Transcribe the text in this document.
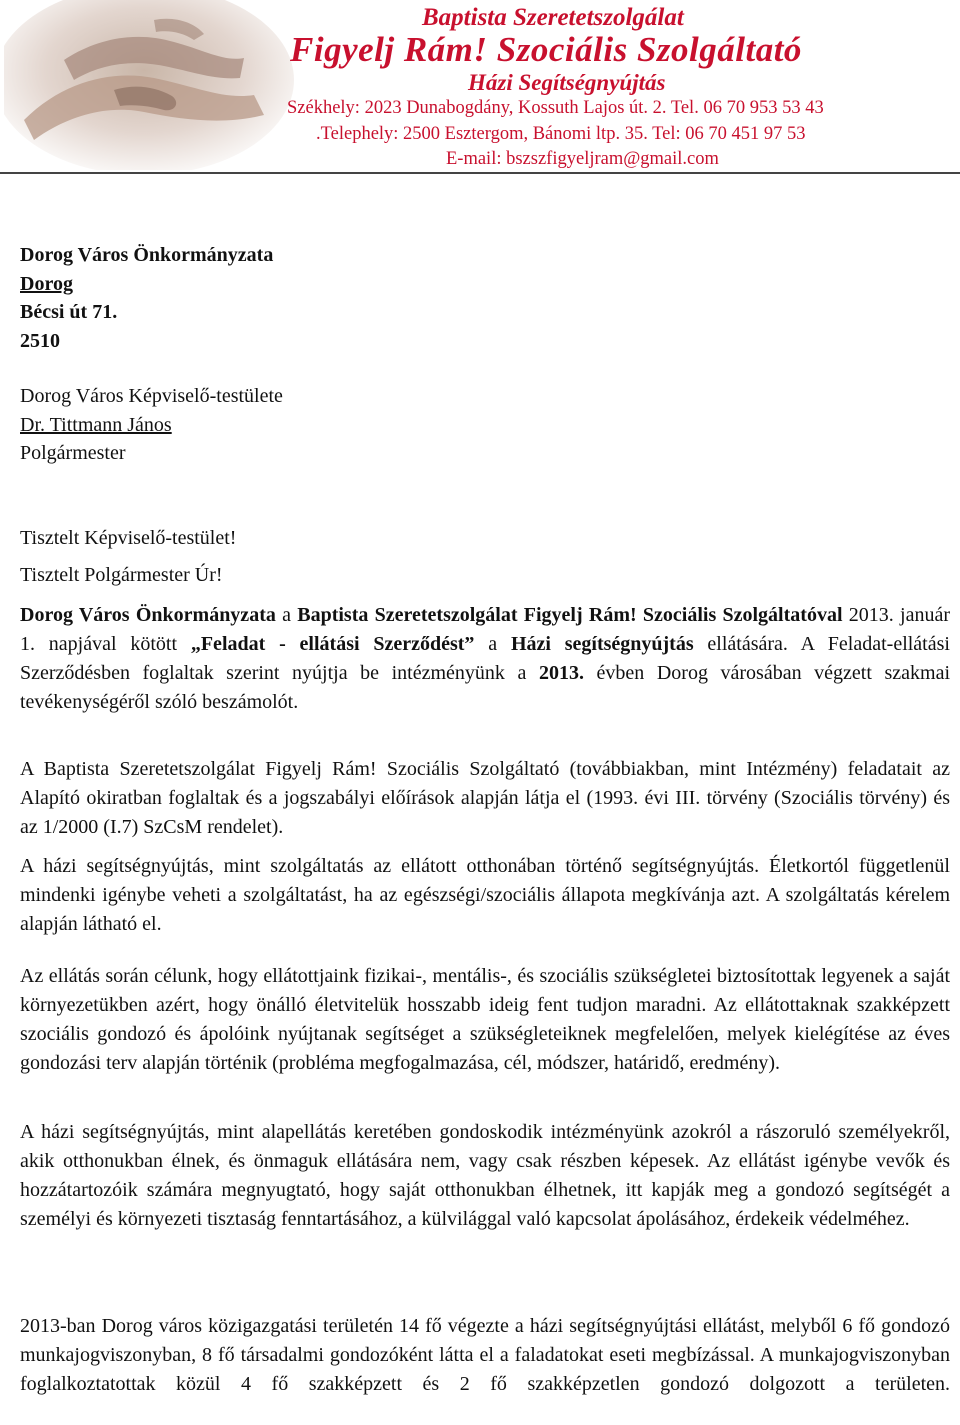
Baptista Szeretetszolgálat
Figyelj Rám! Szociális Szolgáltató
Házi Segítségnyújtás
Székhely: 2023 Dunabogdány, Kossuth Lajos út. 2. Tel. 06 70 953 53 43
.Telephely: 2500 Esztergom, Bánomi ltp. 35. Tel: 06 70 451 97 53
E-mail: bszszfigyeljram@gmail.com
Dorog Város Önkormányzata
Dorog
Bécsi út 71.
2510
Dorog Város Képviselő-testülete
Dr. Tittmann János
Polgármester
Tisztelt Képviselő-testület!
Tisztelt Polgármester Úr!
Dorog Város Önkormányzata a Baptista Szeretetszolgálat Figyelj Rám! Szociális Szolgáltatóval 2013. január 1. napjával kötött „Feladat - ellátási Szerződést” a Házi segítségnyújtás ellátására. A Feladat-ellátási Szerződésben foglaltak szerint nyújtja be intézményünk a 2013. évben Dorog városában végzett szakmai tevékenységéről szóló beszámolót.
A Baptista Szeretetszolgálat Figyelj Rám! Szociális Szolgáltató (továbbiakban, mint Intézmény) feladatait az Alapító okiratban foglaltak és a jogszabályi előírások alapján látja el (1993. évi III. törvény (Szociális törvény) és az 1/2000 (I.7) SzCsM rendelet).
A házi segítségnyújtás, mint szolgáltatás az ellátott otthonában történő segítségnyújtás. Életkortól függetlenül mindenki igénybe veheti a szolgáltatást, ha az egészségi/szociális állapota megkívánja azt. A szolgáltatás kérelem alapján látható el.
Az ellátás során célunk, hogy ellátottjaink fizikai-, mentális-, és szociális szükségletei biztosítottak legyenek a saját környezetükben azért, hogy önálló életvitelük hosszabb ideig fent tudjon maradni. Az ellátottaknak szakképzett szociális gondozó és ápolóink nyújtanak segítséget a szükségleteiknek megfelelően, melyek kielégítése az éves gondozási terv alapján történik (probléma megfogalmazása, cél, módszer, határidő, eredmény).
A házi segítségnyújtás, mint alapellátás keretében gondoskodik intézményünk azokról a rászoruló személyekről, akik otthonukban élnek, és önmaguk ellátására nem, vagy csak részben képesek. Az ellátást igénybe vevők és hozzátartozóik számára megnyugtató, hogy saját otthonukban élhetnek, itt kapják meg a gondozó segítségét a személyi és környezeti tisztaság fenntartásához, a külvilággal való kapcsolat ápolásához, érdekeik védelméhez.
2013-ban Dorog város közigazgatási területén 14 fő végezte a házi segítségnyújtási ellátást, melyből 6 fő gondozó munkajogviszonyban, 8 fő társadalmi gondozóként látta el a faladatokat eseti megbízással. A munkajogviszonyban foglalkoztatottak közül 4 fő szakképzett és 2 fő szakképzetlen gondozó dolgozott a területen.
